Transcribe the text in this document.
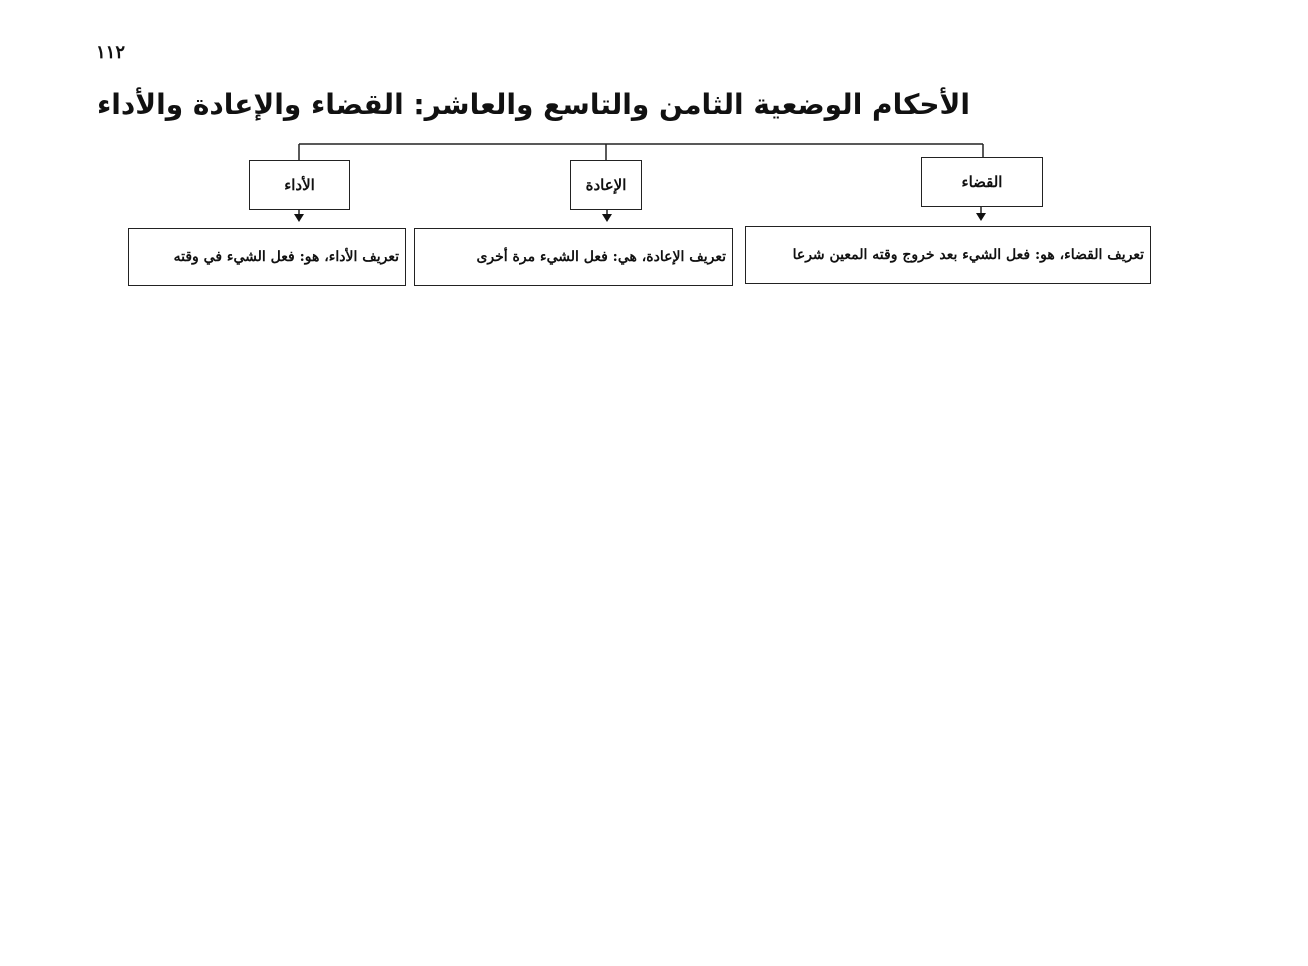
١١٢
الأحكام الوضعية الثامن والتاسع والعاشر: القضاء والإعادة والأداء
القضاء
الإعادة
الأداء
تعريف القضاء، هو: فعل الشيء بعد خروج وقته المعين شرعا
تعريف الإعادة، هي: فعل الشيء مرة أخرى
تعريف الأداء، هو: فعل الشيء في وقته
